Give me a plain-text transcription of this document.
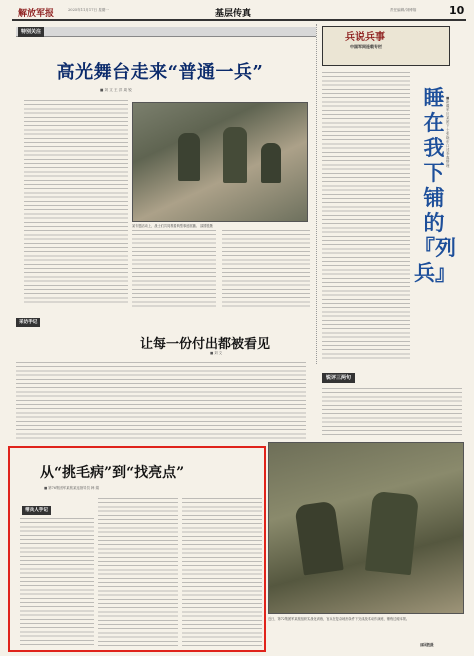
解放军报	2025年11月17日 星期一	基层传真	责任编辑/刘博翔	10
特别关注
高光舞台走来“普通一兵”
■ 刘 文 王 洋 周 锐
某专题活动上，战士们共同观看典型事迹展播。 邵国胜摄
兵说兵事
中国军网连载专栏
睡在我下铺的『列兵』
■ 新疆军区某团下士 张晓东 口述 李鑫 整理
采访手记
让每一份付出都被看见
■ 刘 文
锐评三两句
从“挑毛病”到“找亮点”
■ 第76集团军某旅某连指导员 韩 娟
带兵人手记
近日，第72集团军某旅组织实战化训练，官兵在复杂地形条件下完成战术动作演练，锤炼过硬本领。
邵国胜摄
